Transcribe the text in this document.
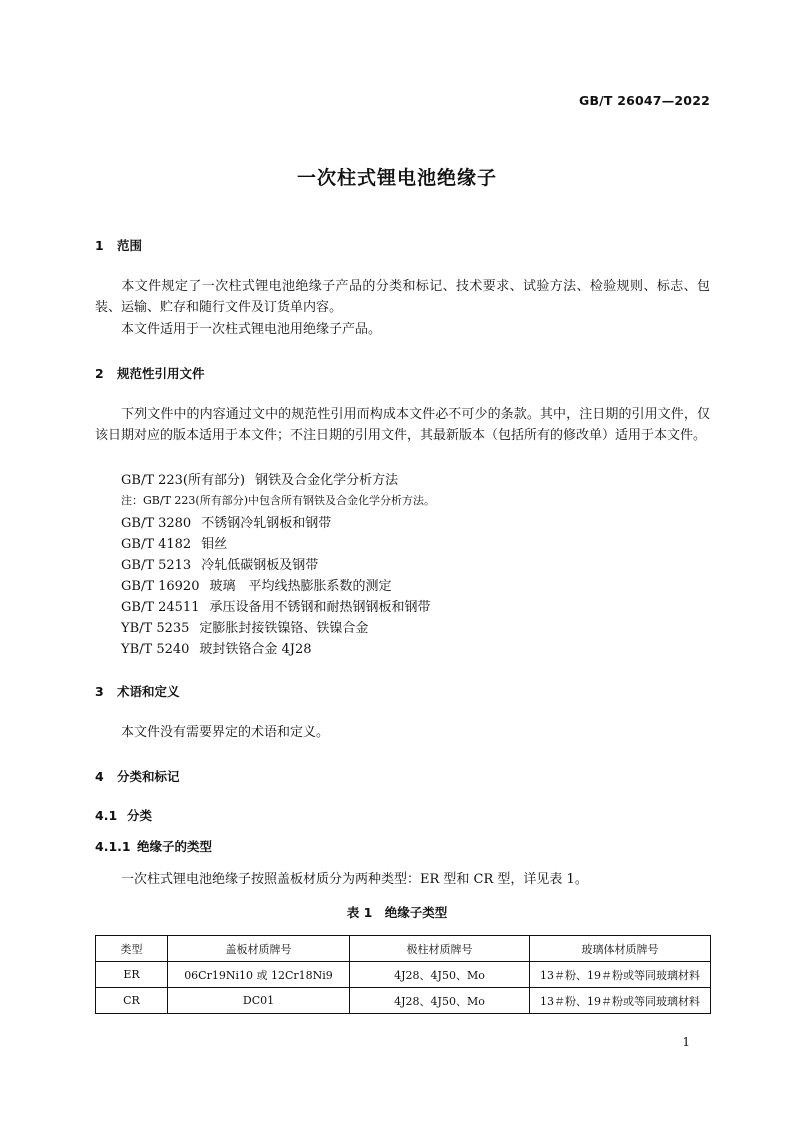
GB/T 26047—2022
一次柱式锂电池绝缘子
1 范围
本文件规定了一次柱式锂电池绝缘子产品的分类和标记、技术要求、试验方法、检验规则、标志、包装、运输、贮存和随行文件及订货单内容。
本文件适用于一次柱式锂电池用绝缘子产品。
2 规范性引用文件
下列文件中的内容通过文中的规范性引用而构成本文件必不可少的条款。其中，注日期的引用文件，仅该日期对应的版本适用于本文件；不注日期的引用文件，其最新版本（包括所有的修改单）适用于本文件。
GB/T 223(所有部分) 钢铁及合金化学分析方法
注：GB/T 223(所有部分)中包含所有钢铁及合金化学分析方法。
GB/T 3280 不锈钢冷轧钢板和钢带
GB/T 4182 钼丝
GB/T 5213 冷轧低碳钢板及钢带
GB/T 16920 玻璃　平均线热膨胀系数的测定
GB/T 24511 承压设备用不锈钢和耐热钢钢板和钢带
YB/T 5235 定膨胀封接铁镍铬、铁镍合金
YB/T 5240 玻封铁铬合金 4J28
3 术语和定义
本文件没有需要界定的术语和定义。
4 分类和标记
4.1 分类
4.1.1 绝缘子的类型
一次柱式锂电池绝缘子按照盖板材质分为两种类型：ER 型和 CR 型，详见表 1。
表 1　绝缘子类型
类型	盖板材质牌号	极柱材质牌号	玻璃体材质牌号
ER	06Cr19Ni10 或 12Cr18Ni9	4J28、4J50、Mo	13＃粉、19＃粉或等同玻璃材料
CR	DC01	4J28、4J50、Mo	13＃粉、19＃粉或等同玻璃材料
1
